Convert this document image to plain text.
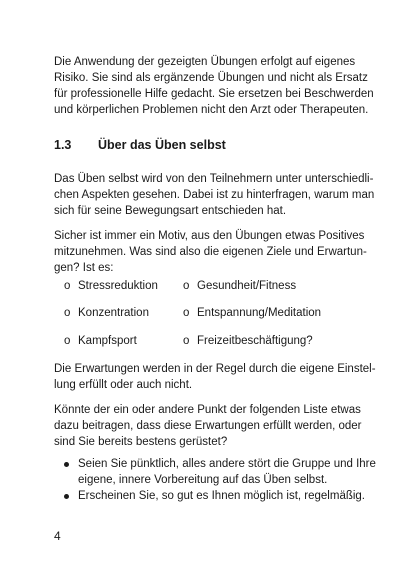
Die Anwendung der gezeigten Übungen erfolgt auf eigenes
Risiko. Sie sind als ergänzende Übungen und nicht als Ersatz
für professionelle Hilfe gedacht. Sie ersetzen bei Beschwerden
und körperlichen Problemen nicht den Arzt oder Therapeuten.

1.3 Über das Üben selbst

Das Üben selbst wird von den Teilnehmern unter unterschiedli-
chen Aspekten gesehen. Dabei ist zu hinterfragen, warum man
sich für seine Bewegungsart entschieden hat.

Sicher ist immer ein Motiv, aus den Übungen etwas Positives
mitzunehmen. Was sind also die eigenen Ziele und Erwartun-
gen? Ist es:

o Stressreduktion o Gesundheit/Fitness
o Konzentration	o Entspannung/Meditation
o Kampfsport	o Freizeitbeschäftigung?

Die Erwartungen werden in der Regel durch die eigene Einstel-
lung erfüllt oder auch nicht.

Könnte der ein oder andere Punkt der folgenden Liste etwas
dazu beitragen, dass diese Erwartungen erfüllt werden, oder
sind Sie bereits bestens gerüstet?

Seien Sie pünktlich, alles andere stört die Gruppe und Ihre
eigene, innere Vorbereitung auf das Üben selbst.
Erscheinen Sie, so gut es Ihnen möglich ist, regelmäßig.
4
